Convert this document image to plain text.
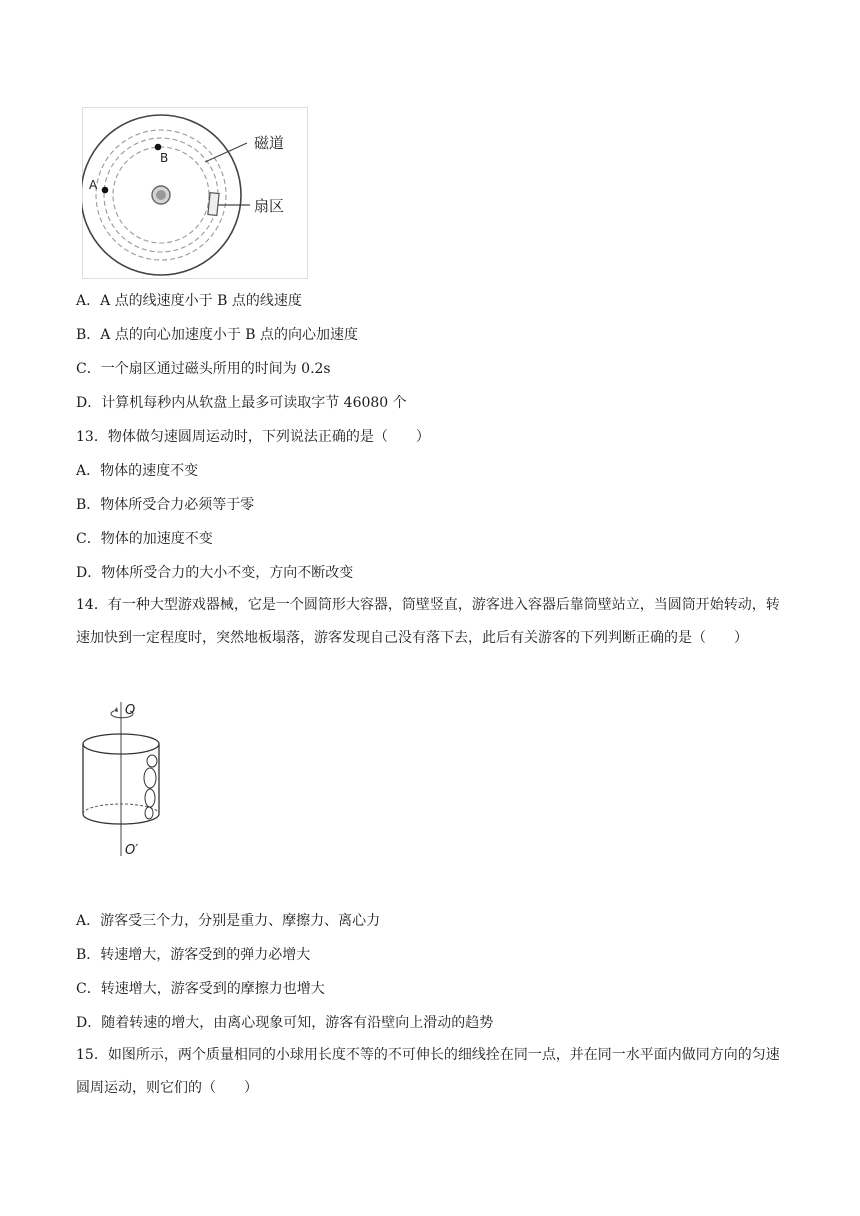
A
B
磁道
扇区
A．A 点的线速度小于 B 点的线速度
B．A 点的向心加速度小于 B 点的向心加速度
C．一个扇区通过磁头所用的时间为 0.2s
D．计算机每秒内从软盘上最多可读取字节 46080 个
13．物体做匀速圆周运动时，下列说法正确的是（　　）
A．物体的速度不变
B．物体所受合力必须等于零
C．物体的加速度不变
D．物体所受合力的大小不变，方向不断改变
14．有一种大型游戏器械，它是一个圆筒形大容器，筒壁竖直，游客进入容器后靠筒壁站立，当圆筒开始转动，转速加快到一定程度时，突然地板塌落，游客发现自己没有落下去，此后有关游客的下列判断正确的是（　　）
O
O′
A．游客受三个力，分别是重力、摩擦力、离心力
B．转速增大，游客受到的弹力必增大
C．转速增大，游客受到的摩擦力也增大
D．随着转速的增大，由离心现象可知，游客有沿壁向上滑动的趋势
15．如图所示，两个质量相同的小球用长度不等的不可伸长的细线拴在同一点，并在同一水平面内做同方向的匀速圆周运动，则它们的（　　）
